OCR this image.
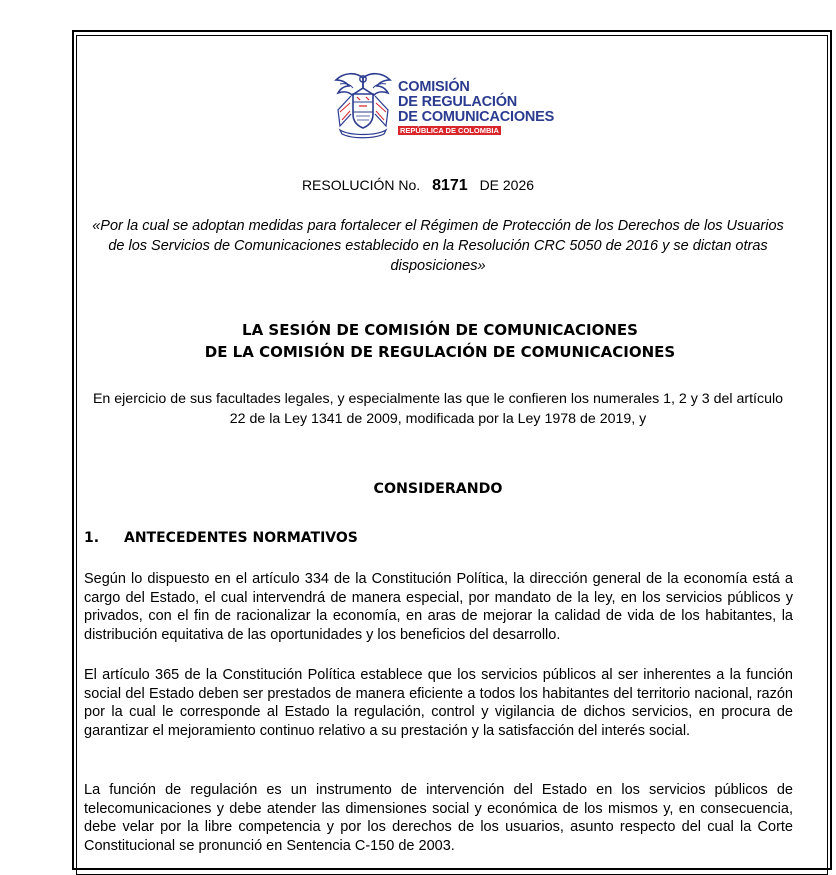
COMISIÓN
DE REGULACIÓN
DE COMUNICACIONES
REPÚBLICA DE COLOMBIA
RESOLUCIÓN No. 8171 DE 2026
«Por la cual se adoptan medidas para fortalecer el Régimen de Protección de los Derechos de los Usuarios de los Servicios de Comunicaciones establecido en la Resolución CRC 5050 de 2016 y se dictan otras disposiciones»
LA SESIÓN DE COMISIÓN DE COMUNICACIONES
DE LA COMISIÓN DE REGULACIÓN DE COMUNICACIONES
En ejercicio de sus facultades legales, y especialmente las que le confieren los numerales 1, 2 y 3 del artículo 22 de la Ley 1341 de 2009, modificada por la Ley 1978 de 2019, y
CONSIDERANDO
1. ANTECEDENTES NORMATIVOS
Según lo dispuesto en el artículo 334 de la Constitución Política, la dirección general de la economía está a cargo del Estado, el cual intervendrá de manera especial, por mandato de la ley, en los servicios públicos y privados, con el fin de racionalizar la economía, en aras de mejorar la calidad de vida de los habitantes, la distribución equitativa de las oportunidades y los beneficios del desarrollo.
El artículo 365 de la Constitución Política establece que los servicios públicos al ser inherentes a la función social del Estado deben ser prestados de manera eficiente a todos los habitantes del territorio nacional, razón por la cual le corresponde al Estado la regulación, control y vigilancia de dichos servicios, en procura de garantizar el mejoramiento continuo relativo a su prestación y la satisfacción del interés social.
La función de regulación es un instrumento de intervención del Estado en los servicios públicos de telecomunicaciones y debe atender las dimensiones social y económica de los mismos y, en consecuencia, debe velar por la libre competencia y por los derechos de los usuarios, asunto respecto del cual la Corte Constitucional se pronunció en Sentencia C-150 de 2003.
